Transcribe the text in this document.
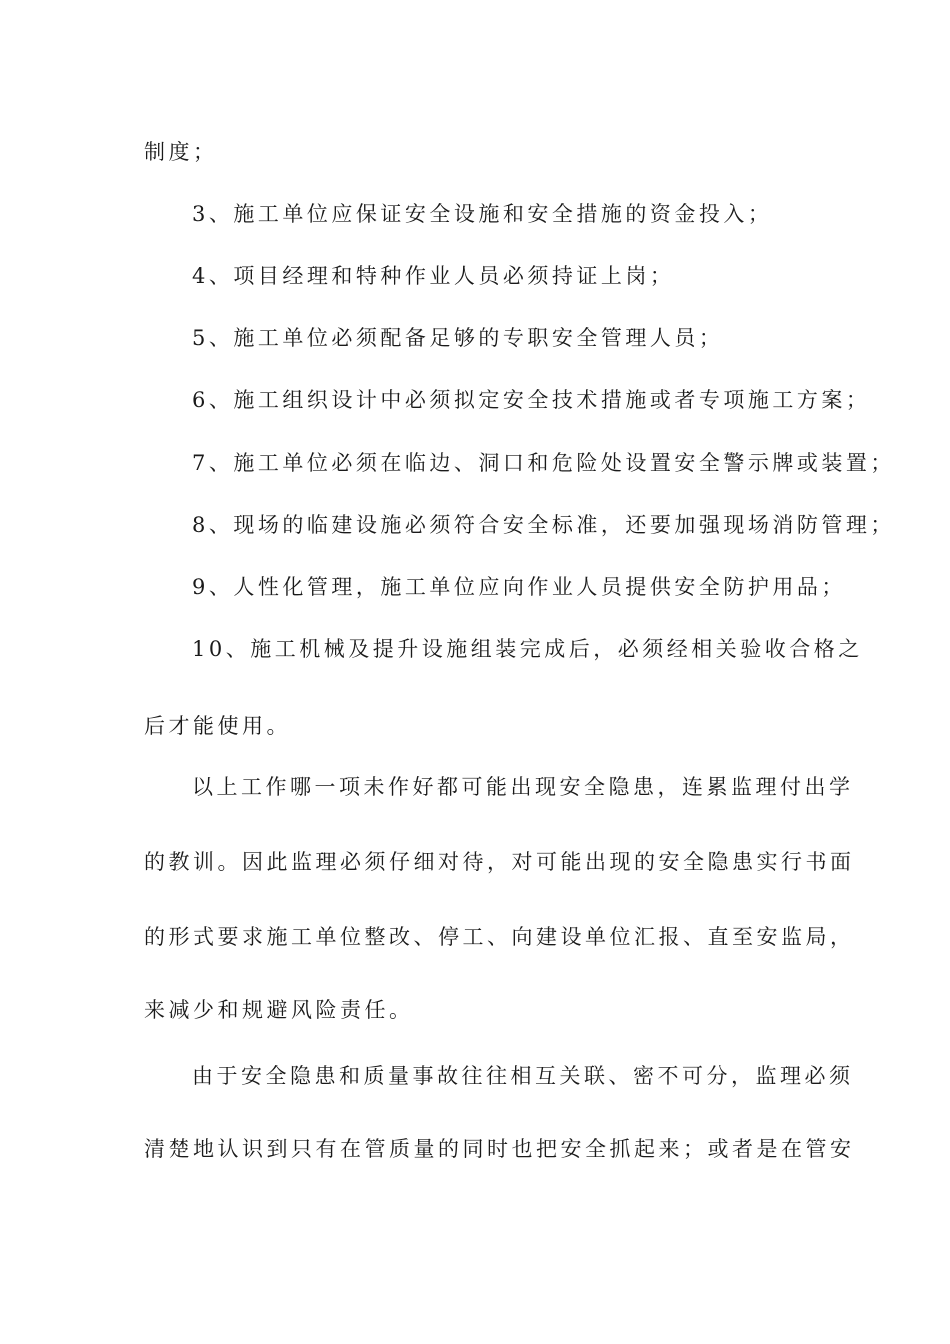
制度；
3、施工单位应保证安全设施和安全措施的资金投入；
4、项目经理和特种作业人员必须持证上岗；
5、施工单位必须配备足够的专职安全管理人员；
6、施工组织设计中必须拟定安全技术措施或者专项施工方案；
7、施工单位必须在临边、洞口和危险处设置安全警示牌或装置；
8、现场的临建设施必须符合安全标准，还要加强现场消防管理；
9、人性化管理，施工单位应向作业人员提供安全防护用品；
10、施工机械及提升设施组装完成后，必须经相关验收合格之
后才能使用。
以上工作哪一项未作好都可能出现安全隐患，连累监理付出学
的教训。因此监理必须仔细对待，对可能出现的安全隐患实行书面
的形式要求施工单位整改、停工、向建设单位汇报、直至安监局，
来减少和规避风险责任。
由于安全隐患和质量事故往往相互关联、密不可分，监理必须
清楚地认识到只有在管质量的同时也把安全抓起来；或者是在管安
